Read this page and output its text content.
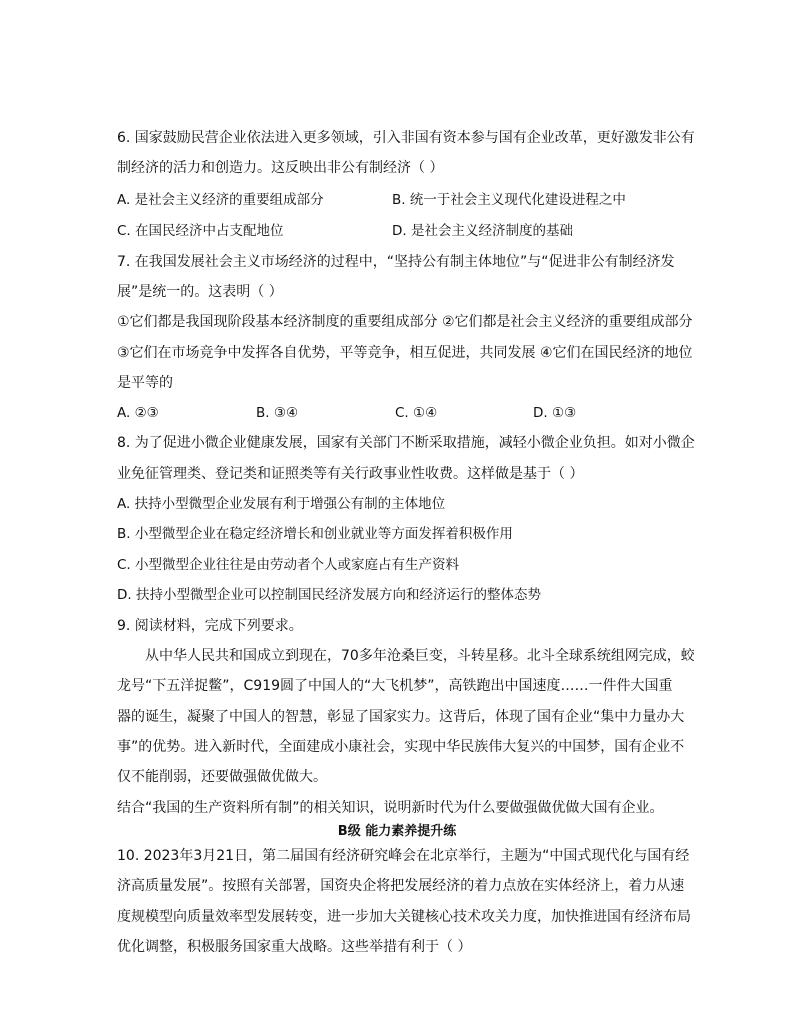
6. 国家鼓励民营企业依法进入更多领域，引入非国有资本参与国有企业改革，更好激发非公有
制经济的活力和创造力。这反映出非公有制经济（ ）
A. 是社会主义经济的重要组成部分	B. 统一于社会主义现代化建设进程之中
C. 在国民经济中占支配地位	D. 是社会主义经济制度的基础
7. 在我国发展社会主义市场经济的过程中，“坚持公有制主体地位”与“促进非公有制经济发
展”是统一的。这表明（ ）
①它们都是我国现阶段基本经济制度的重要组成部分 ②它们都是社会主义经济的重要组成部分
③它们在市场竞争中发挥各自优势，平等竞争，相互促进，共同发展 ④它们在国民经济的地位
是平等的
A. ②③	B. ③④	C. ①④	D. ①③
8. 为了促进小微企业健康发展，国家有关部门不断采取措施，减轻小微企业负担。如对小微企
业免征管理类、登记类和证照类等有关行政事业性收费。这样做是基于（ ）
A. 扶持小型微型企业发展有利于增强公有制的主体地位
B. 小型微型企业在稳定经济增长和创业就业等方面发挥着积极作用
C. 小型微型企业往往是由劳动者个人或家庭占有生产资料
D. 扶持小型微型企业可以控制国民经济发展方向和经济运行的整体态势
9. 阅读材料，完成下列要求。
从中华人民共和国成立到现在，70多年沧桑巨变，斗转星移。北斗全球系统组网完成，蛟
龙号“下五洋捉鳖”，C919圆了中国人的“大飞机梦”，高铁跑出中国速度……一件件大国重
器的诞生，凝聚了中国人的智慧，彰显了国家实力。这背后，体现了国有企业“集中力量办大
事”的优势。进入新时代，全面建成小康社会，实现中华民族伟大复兴的中国梦，国有企业不
仅不能削弱，还要做强做优做大。
结合“我国的生产资料所有制”的相关知识，说明新时代为什么要做强做优做大国有企业。
B级 能力素养提升练
10. 2023年3月21日，第二届国有经济研究峰会在北京举行，主题为“中国式现代化与国有经
济高质量发展”。按照有关部署，国资央企将把发展经济的着力点放在实体经济上，着力从速
度规模型向质量效率型发展转变，进一步加大关键核心技术攻关力度，加快推进国有经济布局
优化调整，积极服务国家重大战略。这些举措有利于（ ）
